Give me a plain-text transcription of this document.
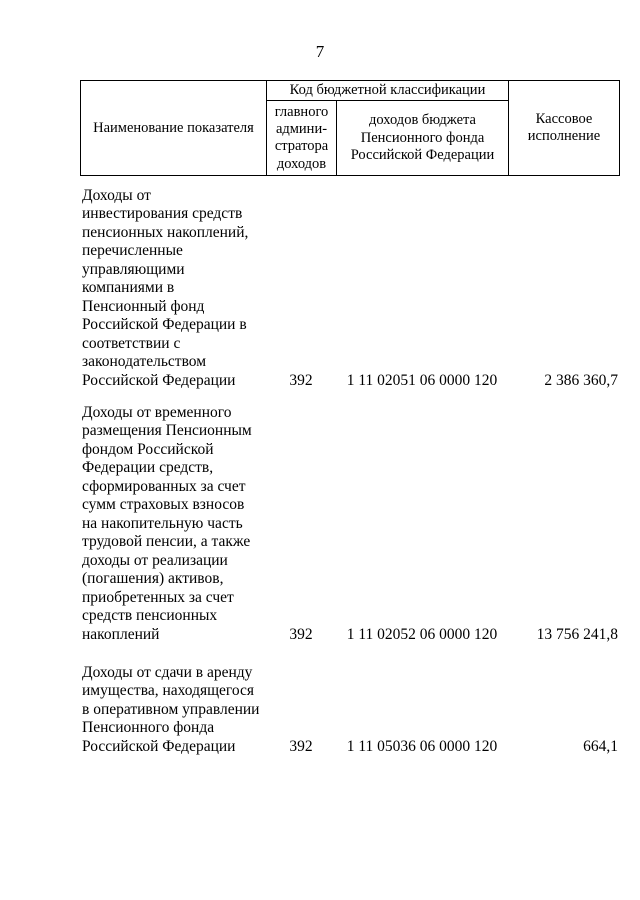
7
Наименование показателя	Код бюджетной классификации		Кассовое исполнение
	главного админи-стратора доходов	доходов бюджета Пенсионного фонда Российской Федерации	
Доходы от
инвестирования средств
пенсионных накоплений,
перечисленные
управляющими
компаниями в
Пенсионный фонд
Российской Федерации в
соответствии с
законодательством
Российской Федерации	392	1 11 02051 06 0000 120	2 386 360,7
Доходы от временного
размещения Пенсионным
фондом Российской
Федерации средств,
сформированных за счет
сумм страховых взносов
на накопительную часть
трудовой пенсии, а также
доходы от реализации
(погашения) активов,
приобретенных за счет
средств пенсионных
накоплений	392	1 11 02052 06 0000 120	13 756 241,8
Доходы от сдачи в аренду
имущества, находящегося
в оперативном управлении
Пенсионного фонда
Российской Федерации	392	1 11 05036 06 0000 120	664,1
